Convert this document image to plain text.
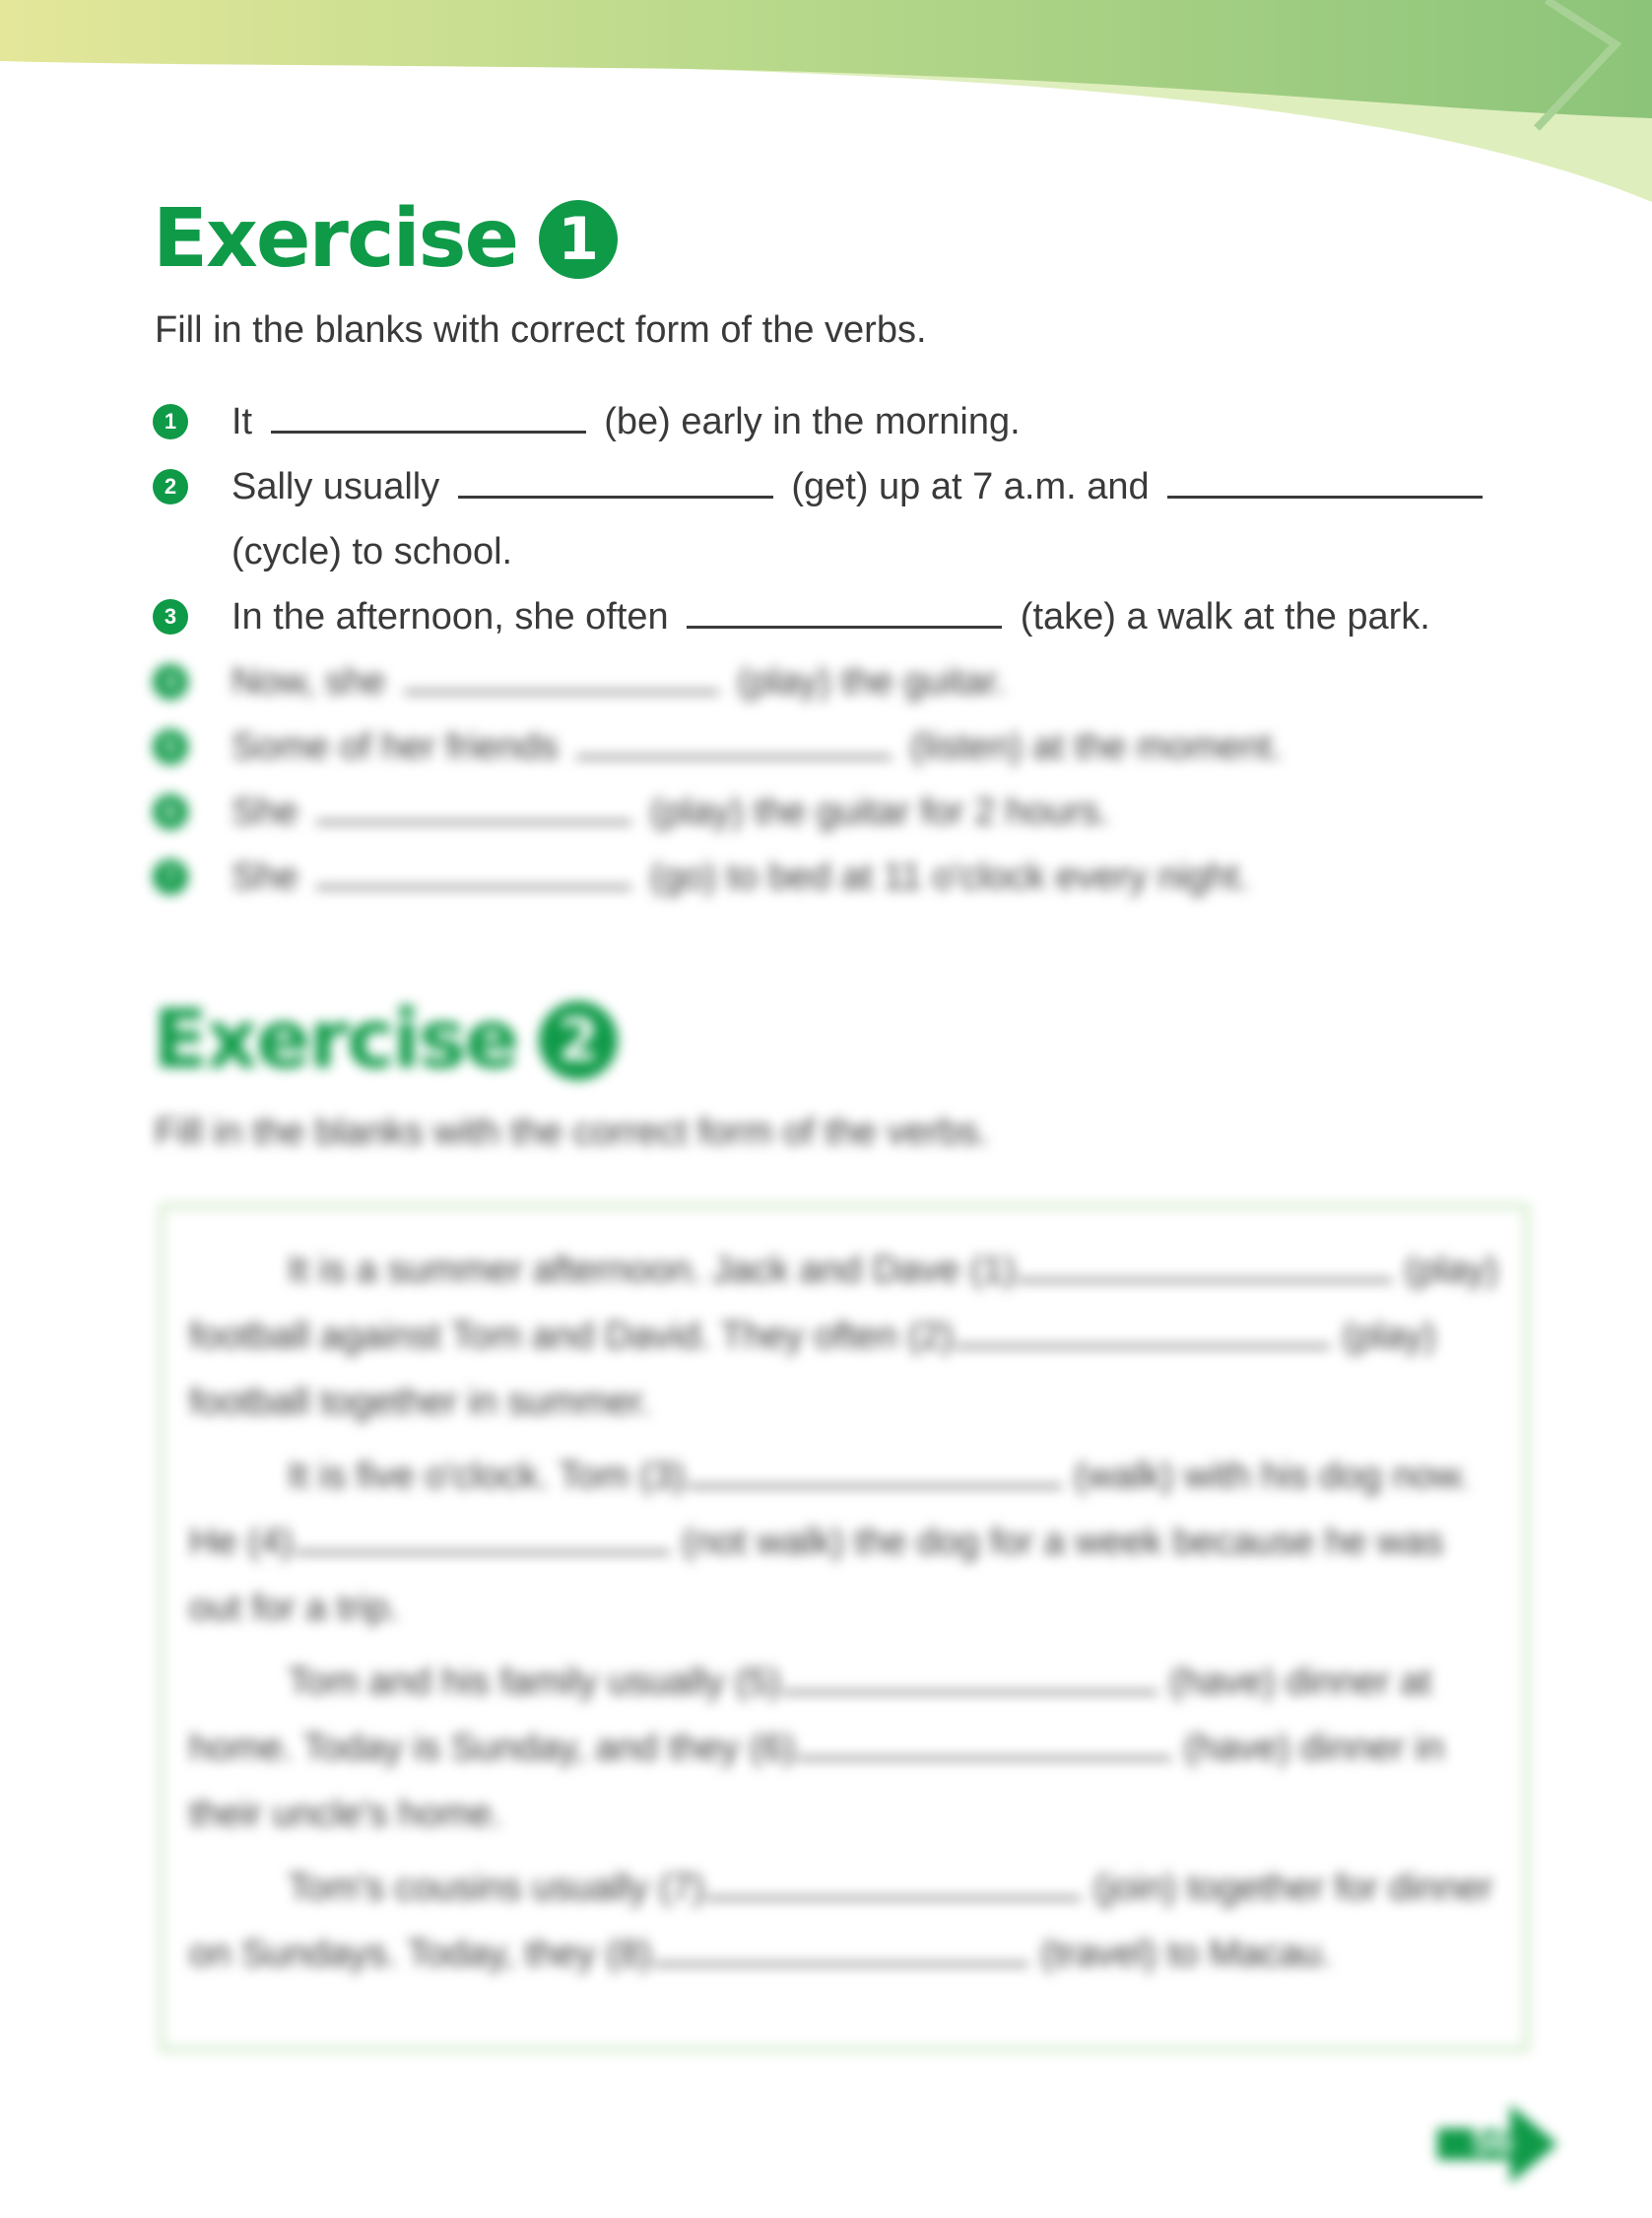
Exercise 1
Fill in the blanks with correct form of the verbs.
1	It	(be) early in the morning.
2	Sally usually	(get) up at 7 a.m. and  (cycle) to school.
3	In the afternoon, she often	(take) a walk at the park.
4	Now, she	(play) the guitar.
5	Some of her friends	(listen) at the moment.
6	She	(play) the guitar for 2 hours.
7	She	(go) to bed at 11 o'clock every night.
Exercise 2
Fill in the blanks with the correct form of the verbs.

It is a summer afternoon. Jack and Dave (1)	(play) football against Tom and David. They often (2)	(play) football together in summer.

It is five o'clock. Tom (3)	(walk) with his dog now. He (4)	(not walk) the dog for a week because he was out for a trip.

Tom and his family usually (5)	(have) dinner at home. Today is Sunday, and they (6)	(have) dinner in their uncle's home.

Tom's cousins usually (7)	(join) together for dinner on Sundays. Today, they (8)	(travel) to Macau.

56
